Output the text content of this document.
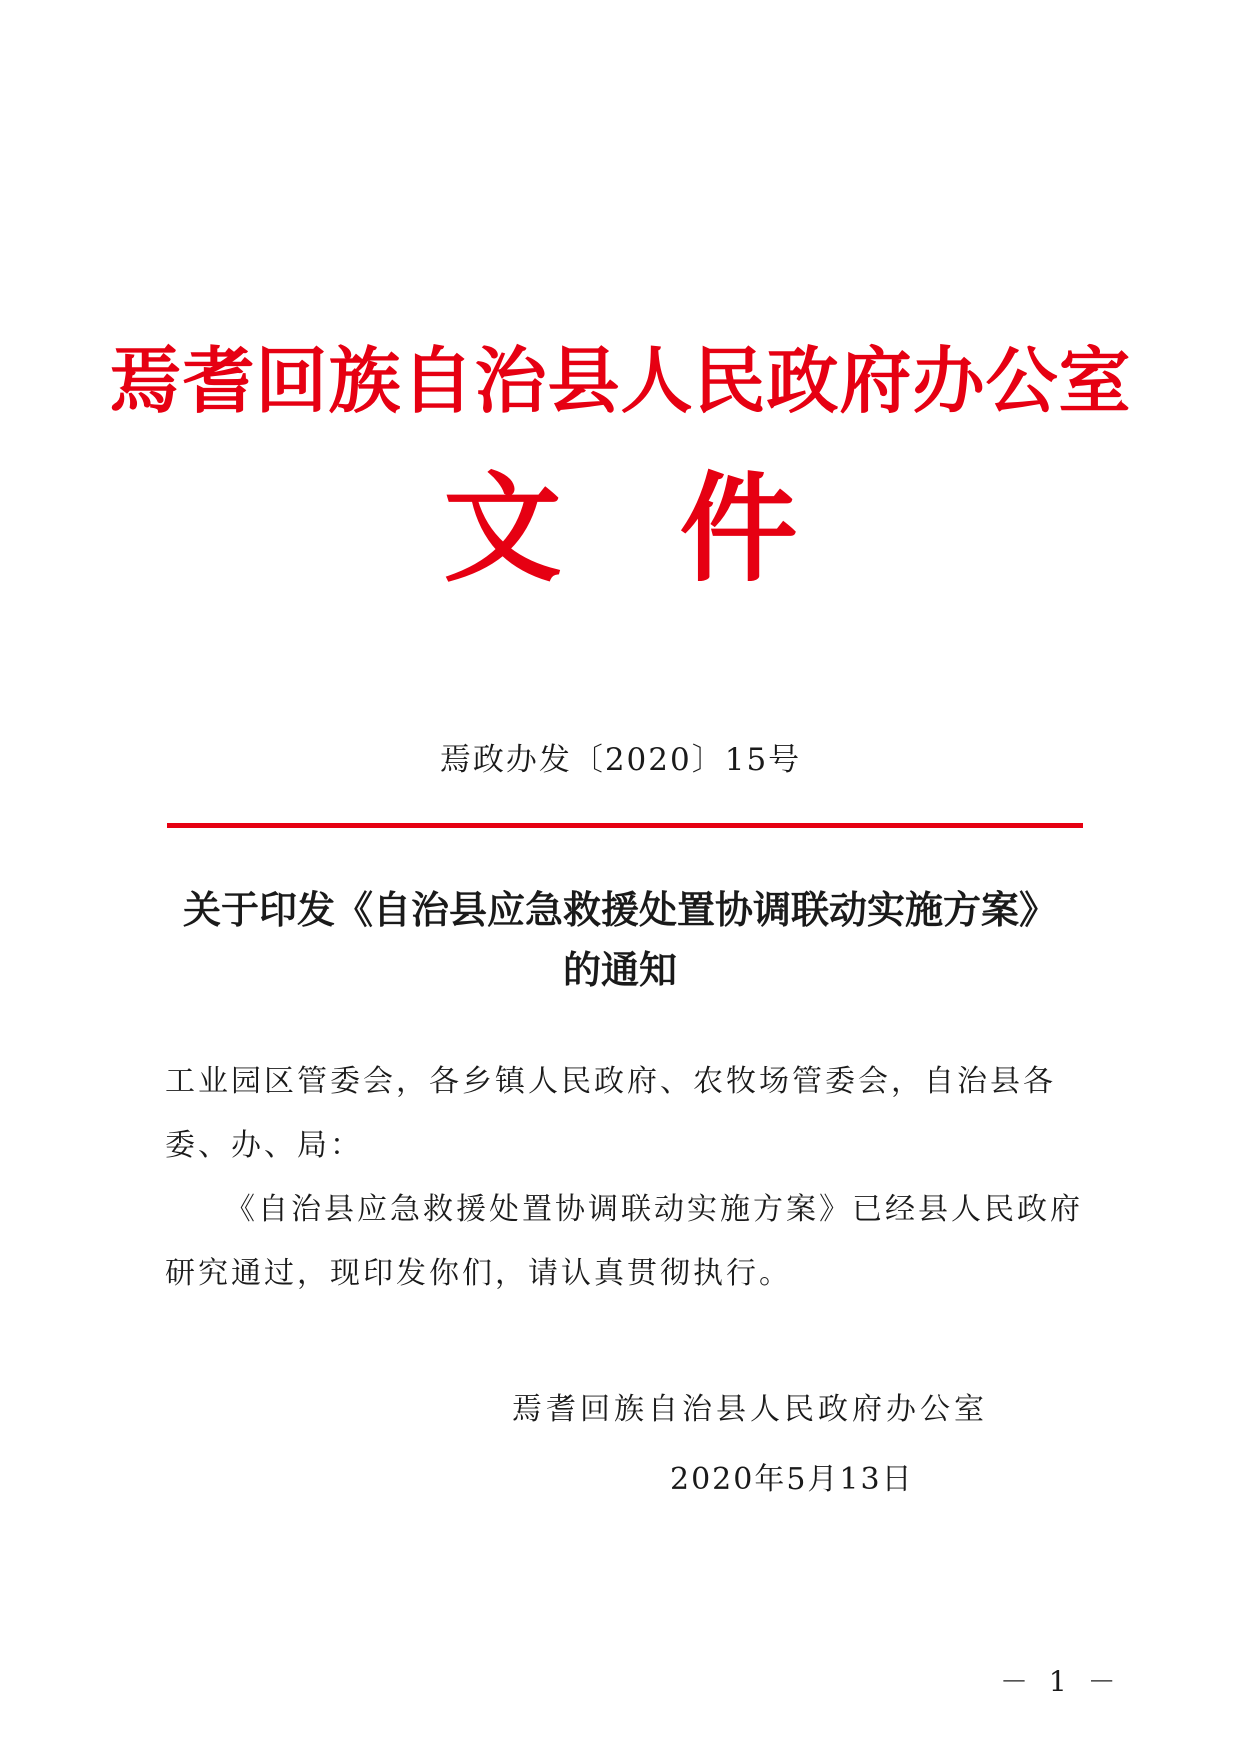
焉耆回族自治县人民政府办公室
文 件
焉政办发〔2020〕15号
关于印发《自治县应急救援处置协调联动实施方案》
的通知
工业园区管委会，各乡镇人民政府、农牧场管委会，自治县各委、办、局：
《自治县应急救援处置协调联动实施方案》已经县人民政府研究通过，现印发你们，请认真贯彻执行。
焉耆回族自治县人民政府办公室
2020年5月13日
－ 1 －
